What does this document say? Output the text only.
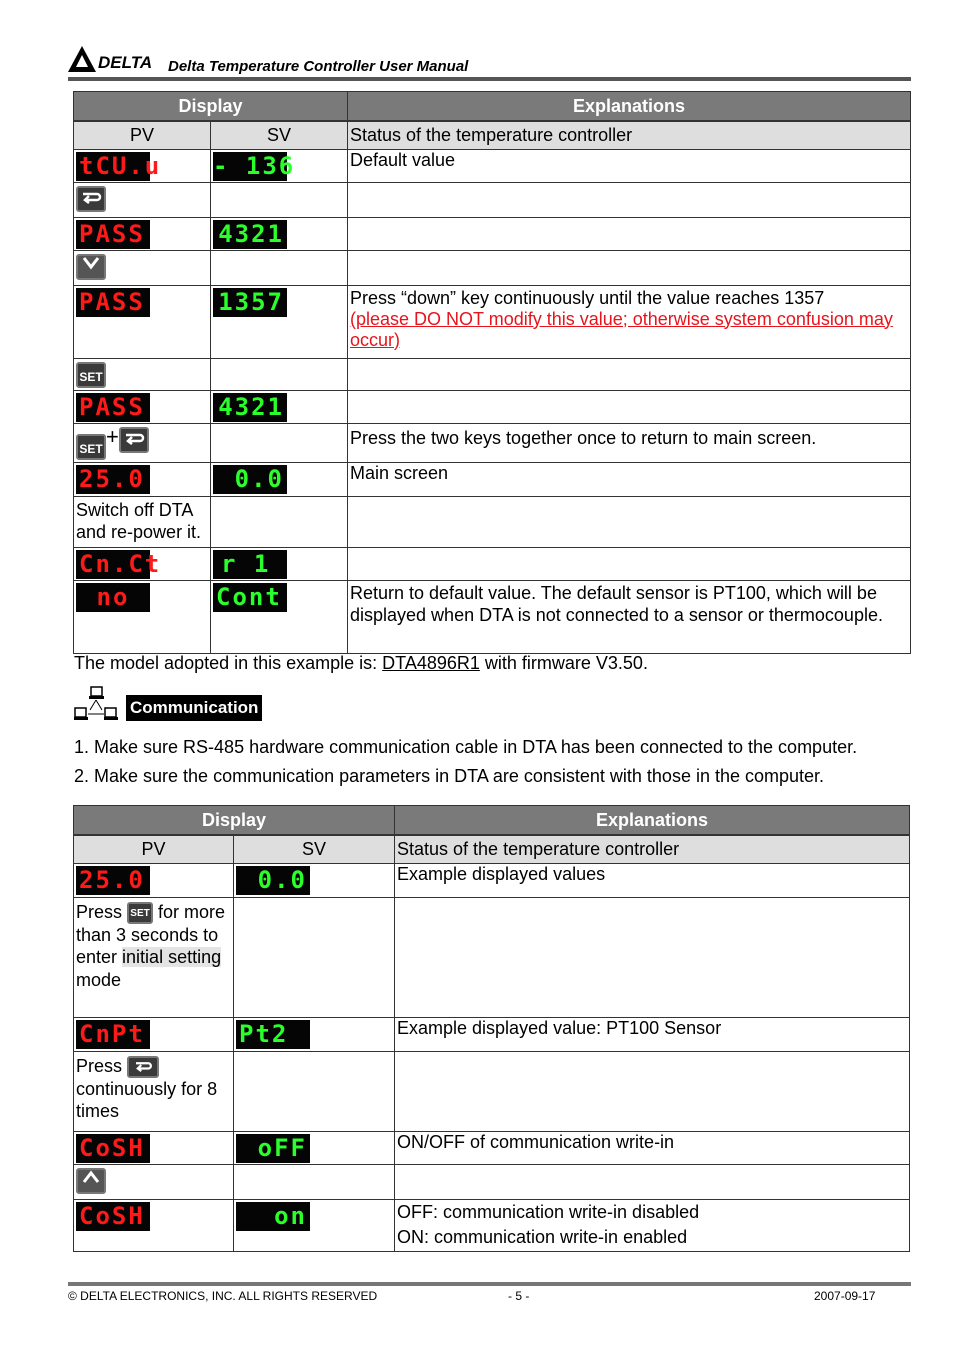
DELTA Delta Temperature Controller User Manual
Display		Explanations
PV	SV	Status of the temperature controller
tCU.u	- 136	Default value

PASS	4321	

PASS	1357	Press “down” key continuously until the value reaches 1357
(please DO NOT modify this value; otherwise system confusion may occur)

SET		
PASS	4321	
SET +		Press the two keys together once to return to main screen.
25.0	0.0	Main screen
Switch off DTA and re-power it.		
Cn.Ct	r 1	
no	Cont	Return to default value. The default sensor is PT100, which will be displayed when DTA is not connected to a sensor or thermocouple.
The model adopted in this example is: DTA4896R1 with firmware V3.50.
Communication
1. Make sure RS-485 hardware communication cable in DTA has been connected to the computer.
2. Make sure the communication parameters in DTA are consistent with those in the computer.
Display		Explanations
PV	SV	Status of the temperature controller
25.0	0.0	Example displayed values
Press SET for more than 3 seconds to enter initial setting mode		
CnPt	Pt2	Example displayed value: PT100 Sensor
Press

continuously for 8 times		
CoSH	oFF	ON/OFF of communication write-in

CoSH	on	OFF: communication write-in disabled
ON: communication write-in enabled
© DELTA ELECTRONICS, INC. ALL RIGHTS RESERVED	- 5 -	2007-09-17
